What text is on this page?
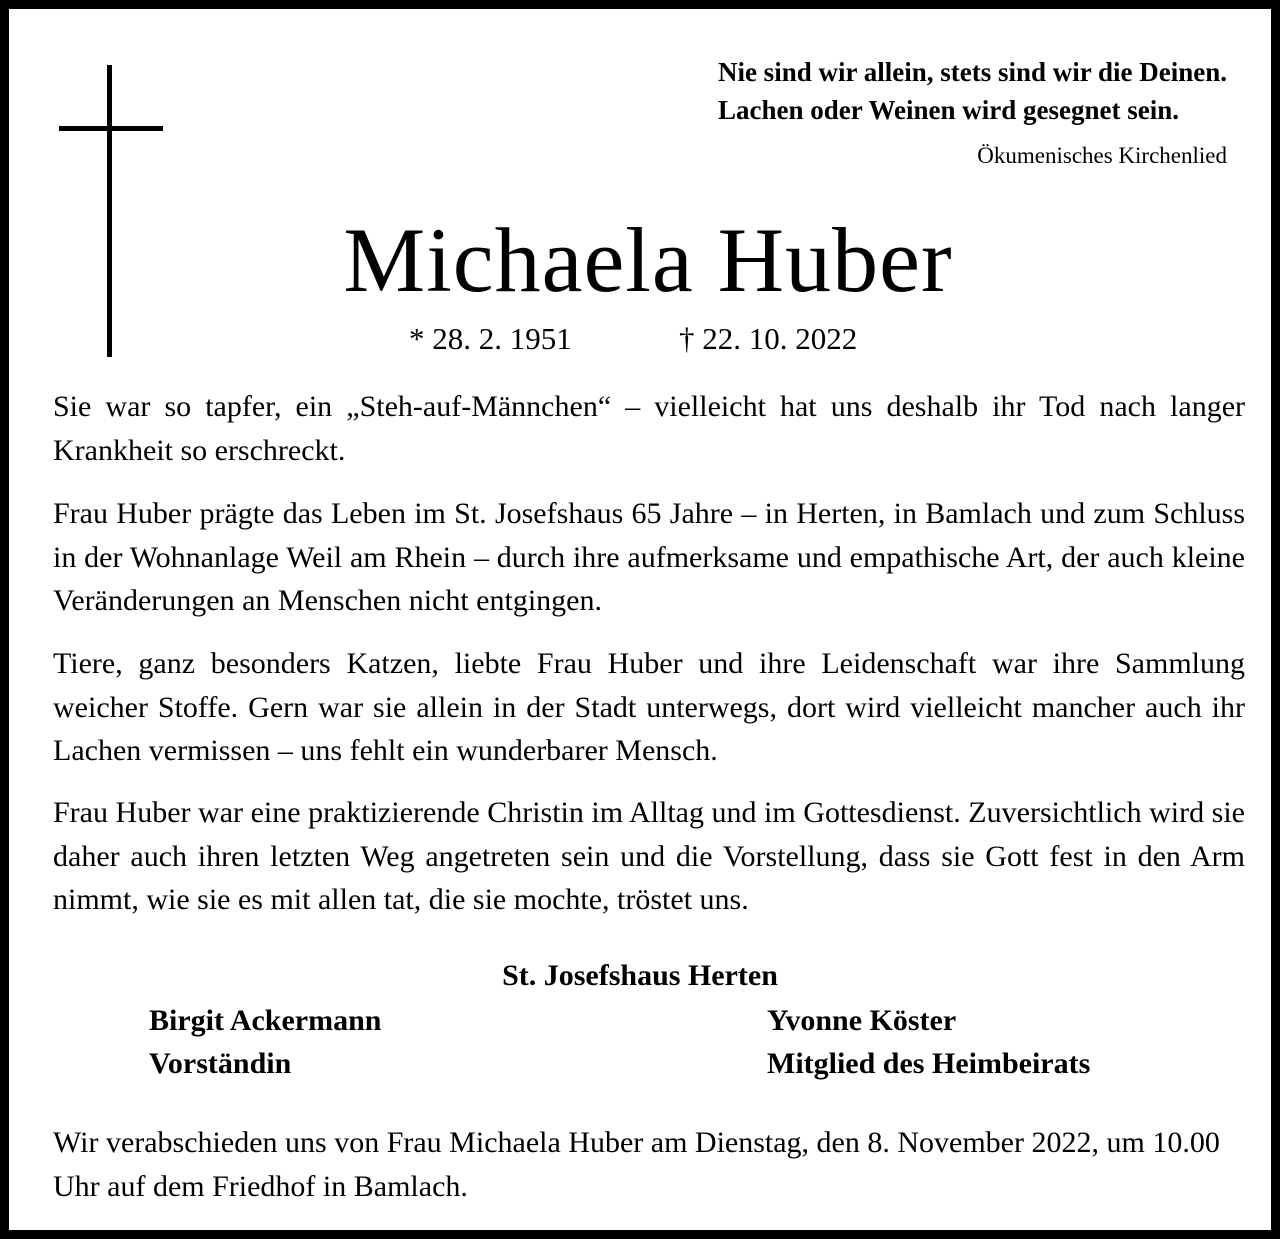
Nie sind wir allein, stets sind wir die Deinen.
Lachen oder Weinen wird gesegnet sein.
Ökumenisches Kirchenlied
Michaela Huber
* 28. 2. 1951	† 22. 10. 2022
Sie war so tapfer, ein „Steh-auf-Männchen“ – vielleicht hat uns deshalb ihr Tod nach langer Krankheit so erschreckt.
Frau Huber prägte das Leben im St. Josefshaus 65 Jahre – in Herten, in Bamlach und zum Schluss in der Wohnanlage Weil am Rhein – durch ihre aufmerksame und empathische Art, der auch kleine Veränderungen an Menschen nicht entgingen.
Tiere, ganz besonders Katzen, liebte Frau Huber und ihre Leidenschaft war ihre Sammlung weicher Stoffe. Gern war sie allein in der Stadt unterwegs, dort wird vielleicht mancher auch ihr Lachen vermissen – uns fehlt ein wunderbarer Mensch.
Frau Huber war eine praktizierende Christin im Alltag und im Gottesdienst. Zuversichtlich wird sie daher auch ihren letzten Weg angetreten sein und die Vorstellung, dass sie Gott fest in den Arm nimmt, wie sie es mit allen tat, die sie mochte, tröstet uns.
St. Josefshaus Herten
Birgit Ackermann
Vorständin
Yvonne Köster
Mitglied des Heimbeirats
Wir verabschieden uns von Frau Michaela Huber am Dienstag, den 8. November 2022, um 10.00 Uhr auf dem Friedhof in Bamlach.
